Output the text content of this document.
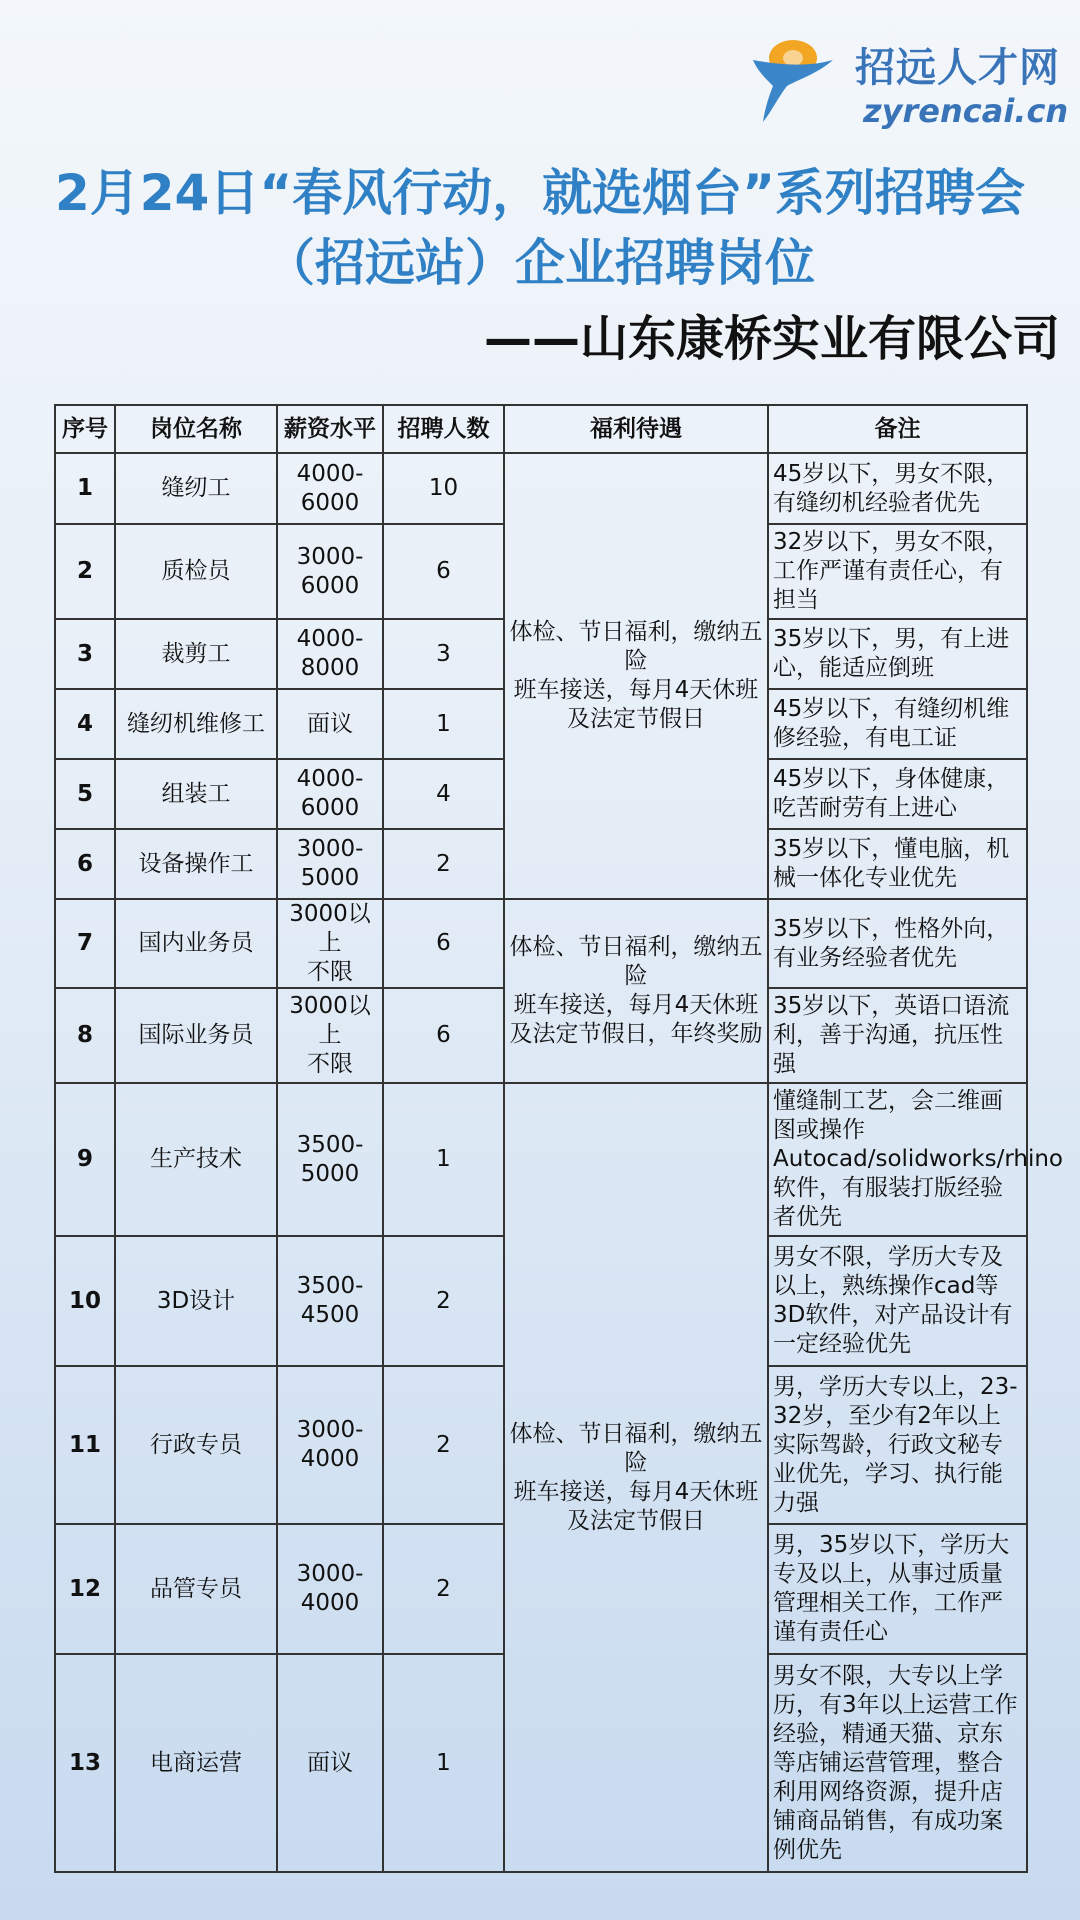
招远人才网
zyrencai.cn
2月24日“春风行动，就选烟台”系列招聘会
（招远站）企业招聘岗位
——山东康桥实业有限公司
序号	岗位名称	薪资水平	招聘人数	福利待遇	备注
1	缝纫工	4000-
6000	10	体检、节日福利，缴纳五险
班车接送，每月4天休班及法定节假日	45岁以下，男女不限，有缝纫机经验者优先
2	质检员	3000-
6000	6		32岁以下，男女不限，工作严谨有责任心，有担当
3	裁剪工	4000-
8000	3		35岁以下，男，有上进心，能适应倒班
4	缝纫机维修工	面议	1		45岁以下，有缝纫机维修经验，有电工证
5	组装工	4000-
6000	4		45岁以下，身体健康，吃苦耐劳有上进心
6	设备操作工	3000-
5000	2		35岁以下，懂电脑，机械一体化专业优先
7	国内业务员	3000以上
不限	6	体检、节日福利，缴纳五险
班车接送，每月4天休班及法定节假日，年终奖励	35岁以下，性格外向，有业务经验者优先
8	国际业务员	3000以上
不限	6		35岁以下，英语口语流利，善于沟通，抗压性强
9	生产技术	3500-
5000	1	体检、节日福利，缴纳五险
班车接送，每月4天休班及法定节假日	懂缝制工艺，会二维画图或操作Autocad/solidworks/rhino软件，有服装打版经验者优先
10	3D设计	3500-
4500	2		男女不限，学历大专及以上，熟练操作cad等3D软件，对产品设计有一定经验优先
11	行政专员	3000-
4000	2		男，学历大专以上，23-32岁，至少有2年以上实际驾龄，行政文秘专业优先，学习、执行能力强
12	品管专员	3000-
4000	2		男，35岁以下，学历大专及以上，从事过质量管理相关工作，工作严谨有责任心
13	电商运营	面议	1		男女不限，大专以上学历，有3年以上运营工作经验，精通天猫、京东等店铺运营管理，整合利用网络资源，提升店铺商品销售，有成功案例优先
